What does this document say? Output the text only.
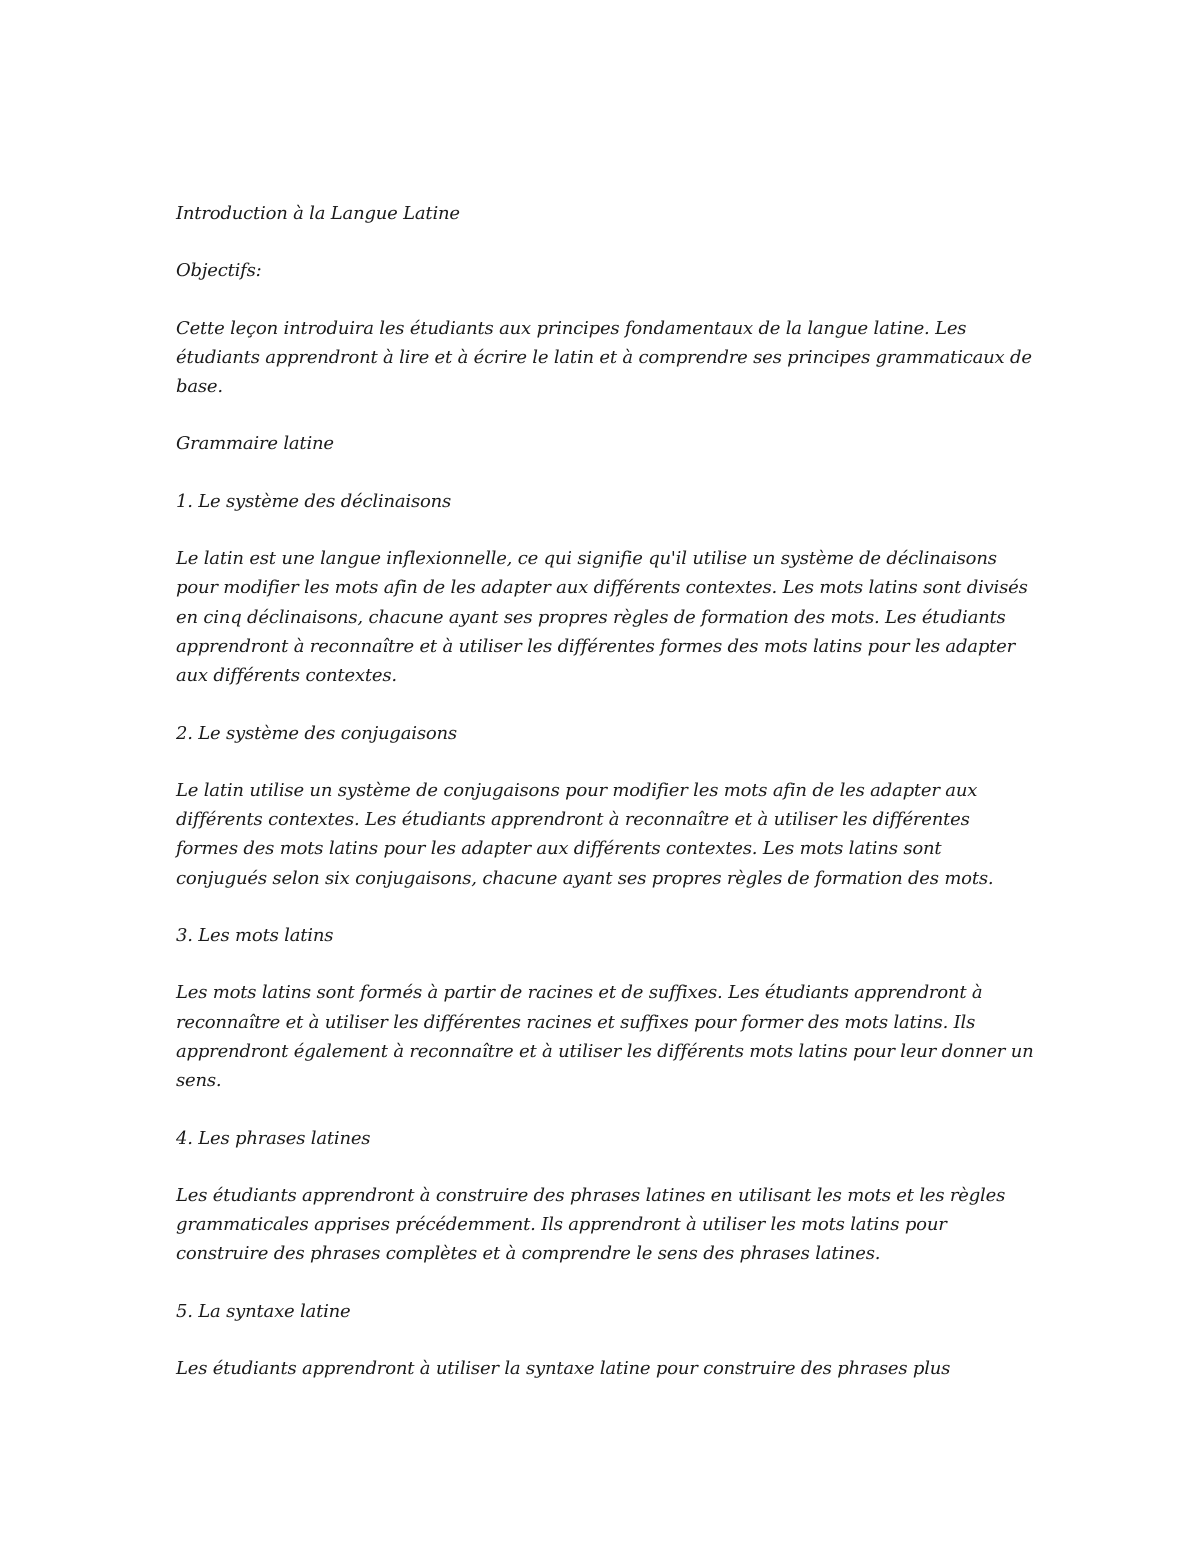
Introduction à la Langue Latine

Objectifs:

Cette leçon introduira les étudiants aux principes fondamentaux de la langue latine. Les étudiants apprendront à lire et à écrire le latin et à comprendre ses principes grammaticaux de base.

Grammaire latine

1. Le système des déclinaisons

Le latin est une langue inflexionnelle, ce qui signifie qu'il utilise un système de déclinaisons pour modifier les mots afin de les adapter aux différents contextes. Les mots latins sont divisés en cinq déclinaisons, chacune ayant ses propres règles de formation des mots. Les étudiants apprendront à reconnaître et à utiliser les différentes formes des mots latins pour les adapter aux différents contextes.

2. Le système des conjugaisons

Le latin utilise un système de conjugaisons pour modifier les mots afin de les adapter aux différents contextes. Les étudiants apprendront à reconnaître et à utiliser les différentes formes des mots latins pour les adapter aux différents contextes. Les mots latins sont conjugués selon six conjugaisons, chacune ayant ses propres règles de formation des mots.

3. Les mots latins

Les mots latins sont formés à partir de racines et de suffixes. Les étudiants apprendront à reconnaître et à utiliser les différentes racines et suffixes pour former des mots latins. Ils apprendront également à reconnaître et à utiliser les différents mots latins pour leur donner un sens.

4. Les phrases latines

Les étudiants apprendront à construire des phrases latines en utilisant les mots et les règles grammaticales apprises précédemment. Ils apprendront à utiliser les mots latins pour construire des phrases complètes et à comprendre le sens des phrases latines.

5. La syntaxe latine

Les étudiants apprendront à utiliser la syntaxe latine pour construire des phrases plus
